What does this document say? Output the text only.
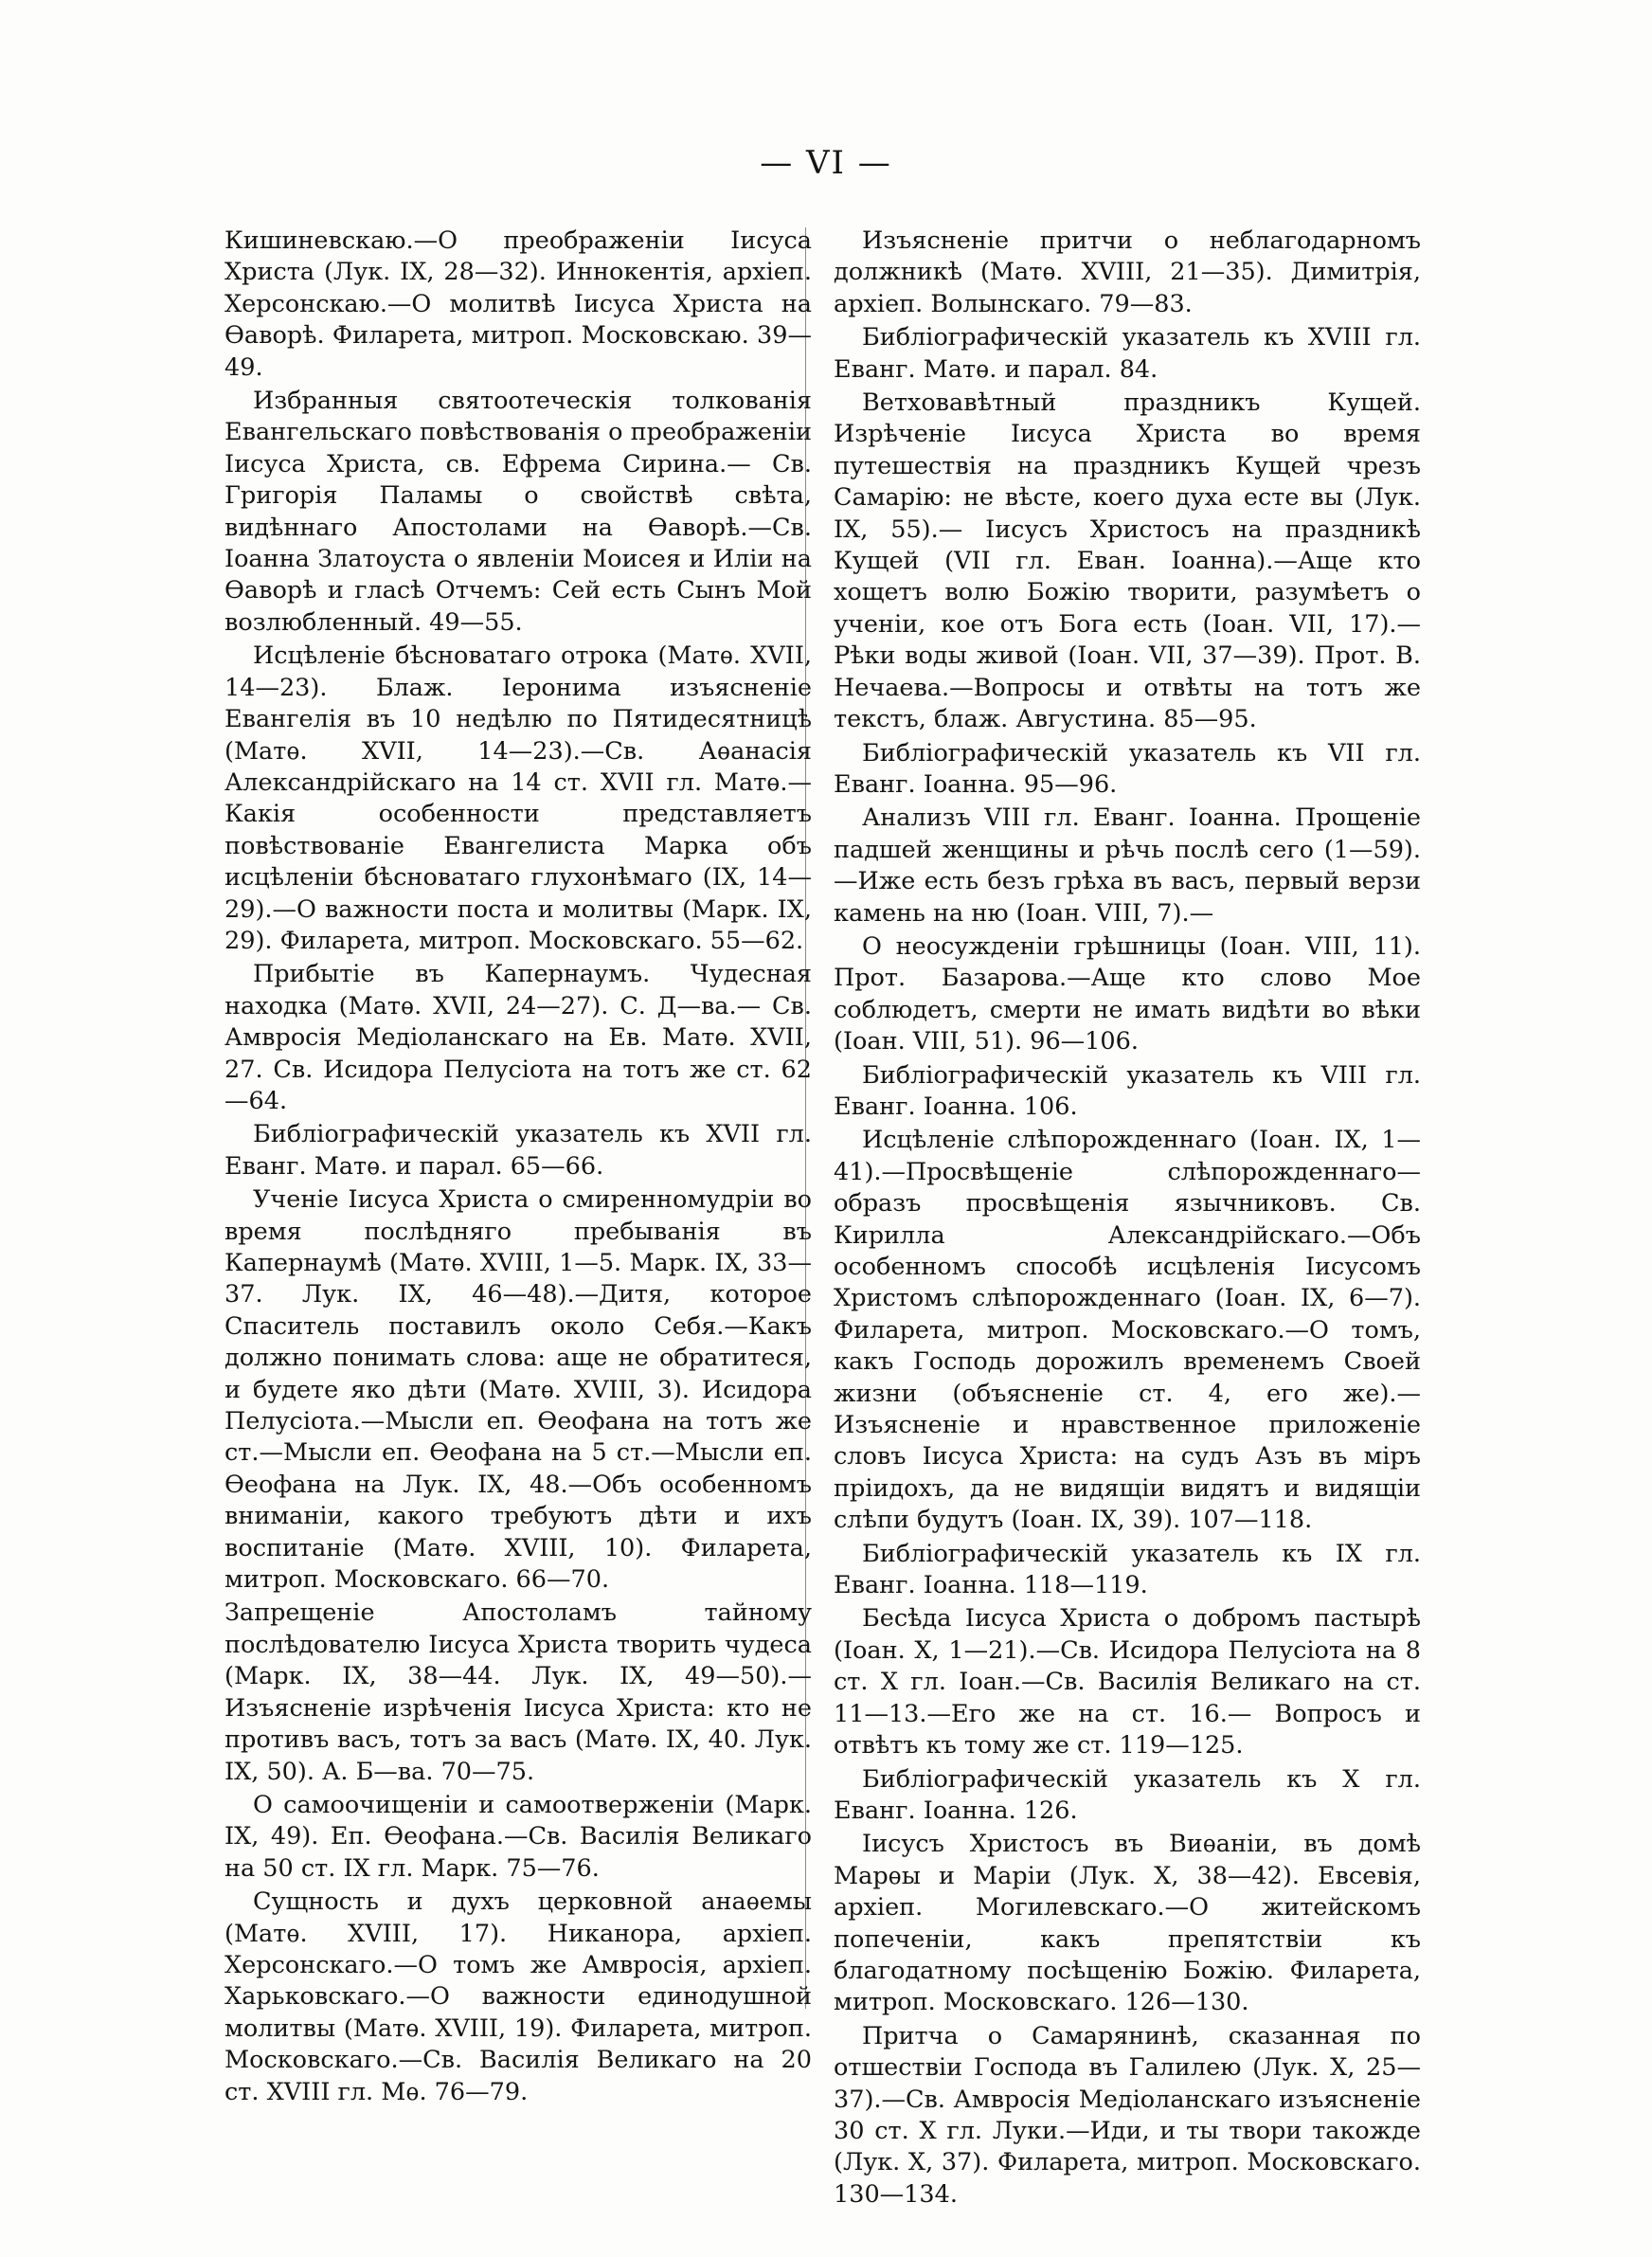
— VI —

Кишиневскаю.—О преображеніи Іисуса Христа (Лук. IX, 28—32). Иннокентія, архіеп. Херсонскаю.—О молитвѣ Іисуса Христа на Ѳаворѣ. Филарета, митроп. Московскаю. 39—49.

Избранныя святоотеческія толкованія Евангельскаго повѣствованія о преображеніи Іисуса Христа, св. Ефрема Сирина.— Св. Григорія Паламы о свойствѣ свѣта, видѣннаго Апостолами на Ѳаворѣ.—Св. Іоанна Златоуста о явленіи Моисея и Иліи на Ѳаворѣ и гласѣ Отчемъ: Сей есть Сынъ Мой возлюбленный. 49—55.

Исцѣленіе бѣсноватаго отрока (Матѳ. XVII, 14—23). Блаж. Іеронима изъясненіе Евангелія въ 10 недѣлю по Пятидесятницѣ (Матѳ. XVII, 14—23).—Св. Аѳанасія Александрійскаго на 14 ст. XVII гл. Матѳ.— Какія особенности представляетъ повѣствованіе Евангелиста Марка объ исцѣленіи бѣсноватаго глухонѣмаго (IX, 14—29).—О важности поста и молитвы (Марк. IX, 29). Филарета, митроп. Московскаго. 55—62.

Прибытіе въ Капернаумъ. Чудесная находка (Матѳ. XVII, 24—27). С. Д—ва.— Св. Амвросія Медіоланскаго на Ев. Матѳ. XVII, 27. Св. Исидора Пелусіота на тотъ же ст. 62—64.

Библіографическій указатель къ XVII гл. Еванг. Матѳ. и парал. 65—66.

Ученіе Іисуса Христа о смиренномудріи во время послѣдняго пребыванія въ Капернаумѣ (Матѳ. XVIII, 1—5. Марк. IX, 33—37. Лук. IX, 46—48).—Дитя, которое Спаситель поставилъ около Себя.—Какъ должно понимать слова: аще не обратитеся, и будете яко дѣти (Матѳ. XVIII, 3). Исидора Пелусіота.—Мысли еп. Ѳеофана на тотъ же ст.—Мысли еп. Ѳеофана на 5 ст.—Мысли еп. Ѳеофана на Лук. IX, 48.—Объ особенномъ вниманіи, какого требуютъ дѣти и ихъ воспитаніе (Матѳ. XVIII, 10). Филарета, митроп. Московскаго. 66—70.

Запрещеніе Апостоламъ тайному послѣдователю Іисуса Христа творить чудеса (Марк. IX, 38—44. Лук. IX, 49—50).— Изъясненіе изрѣченія Іисуса Христа: кто не противъ васъ, тотъ за васъ (Матѳ. IX, 40. Лук. IX, 50). А. Б—ва. 70—75.

О самоочищеніи и самоотверженіи (Марк. IX, 49). Еп. Ѳеофана.—Св. Василія Великаго на 50 ст. IX гл. Марк. 75—76.

Сущность и духъ церковной анаѳемы (Матѳ. XVIII, 17). Никанора, архіеп. Херсонскаго.—О томъ же Амвросія, архіеп. Харьковскаго.—О важности единодушной молитвы (Матѳ. XVIII, 19). Филарета, митроп. Московскаго.—Св. Василія Великаго на 20 ст. XVIII гл. Мѳ. 76—79.

Изъясненіе притчи о неблагодарномъ должникѣ (Матѳ. XVIII, 21—35). Димитрія, архіеп. Волынскаго. 79—83.

Библіографическій указатель къ XVIII гл. Еванг. Матѳ. и парал. 84.

Ветховавѣтный праздникъ Кущей. Изрѣченіе Іисуса Христа во время путешествія на праздникъ Кущей чрезъ Самарію: не вѣсте, коего духа есте вы (Лук. IX, 55).— Іисусъ Христосъ на праздникѣ Кущей (VII гл. Еван. Іоанна).—Аще кто хощетъ волю Божію творити, разумѣетъ о ученіи, кое отъ Бога есть (Іоан. VII, 17).—Рѣки воды живой (Іоан. VII, 37—39). Прот. В. Нечаева.—Вопросы и отвѣты на тотъ же текстъ, блаж. Августина. 85—95.

Библіографическій указатель къ VII гл. Еванг. Іоанна. 95—96.

Анализъ VIII гл. Еванг. Іоанна. Прощеніе падшей женщины и рѣчь послѣ сего (1—59).—Иже есть безъ грѣха въ васъ, первый верзи камень на ню (Іоан. VIII, 7).—

О неосужденіи грѣшницы (Іоан. VIII, 11). Прот. Базарова.—Аще кто слово Мое соблюдетъ, смерти не имать видѣти во вѣки (Іоан. VIII, 51). 96—106.

Библіографическій указатель къ VIII гл. Еванг. Іоанна. 106.

Исцѣленіе слѣпорожденнаго (Іоан. IX, 1—41).—Просвѣщеніе слѣпорожденнаго—образъ просвѣщенія язычниковъ. Св. Кирилла Александрійскаго.—Объ особенномъ способѣ исцѣленія Іисусомъ Христомъ слѣпорожденнаго (Іоан. IX, 6—7). Филарета, митроп. Московскаго.—О томъ, какъ Господь дорожилъ временемъ Своей жизни (объясненіе ст. 4, его же).—Изъясненіе и нравственное приложеніе словъ Іисуса Христа: на судъ Азъ въ міръ пріидохъ, да не видящіи видятъ и видящіи слѣпи будутъ (Іоан. IX, 39). 107—118.

Библіографическій указатель къ IX гл. Еванг. Іоанна. 118—119.

Бесѣда Іисуса Христа о добромъ пастырѣ (Іоан. X, 1—21).—Св. Исидора Пелусіота на 8 ст. X гл. Іоан.—Св. Василія Великаго на ст. 11—13.—Его же на ст. 16.— Вопросъ и отвѣтъ къ тому же ст. 119—125.

Библіографическій указатель къ X гл. Еванг. Іоанна. 126.

Іисусъ Христосъ въ Виѳаніи, въ домѣ Марѳы и Маріи (Лук. X, 38—42). Евсевія, архіеп. Могилевскаго.—О житейскомъ попеченіи, какъ препятствіи къ благодатному посѣщенію Божію. Филарета, митроп. Московскаго. 126—130.

Притча о Самарянинѣ, сказанная по отшествіи Господа въ Галилею (Лук. X, 25—37).—Св. Амвросія Медіоланскаго изъясненіе 30 ст. X гл. Луки.—Иди, и ты твори такожде (Лук. X, 37). Филарета, митроп. Московскаго. 130—134.
